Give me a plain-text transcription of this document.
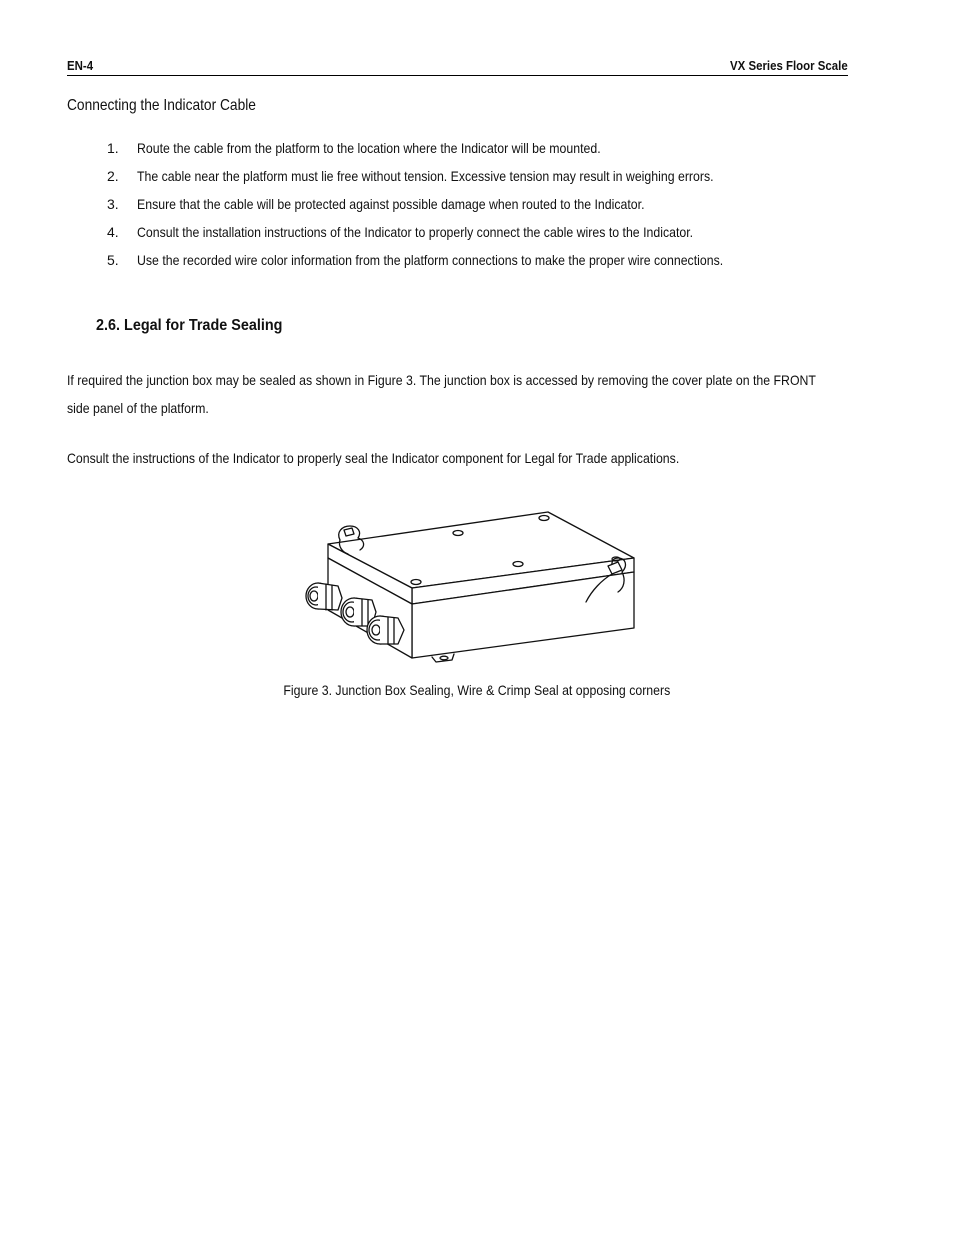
EN-4	VX Series Floor Scale
Connecting the Indicator Cable
1. Route the cable from the platform to the location where the Indicator will be mounted.
2. The cable near the platform must lie free without tension. Excessive tension may result in weighing errors.
3. Ensure that the cable will be protected against possible damage when routed to the Indicator.
4. Consult the installation instructions of the Indicator to properly connect the cable wires to the Indicator.
5. Use the recorded wire color information from the platform connections to make the proper wire connections.
2.6. Legal for Trade Sealing

If required the junction box may be sealed as shown in Figure 3. The junction box is accessed by removing the cover plate on the FRONT side panel of the platform.

Consult the instructions of the Indicator to properly seal the Indicator component for Legal for Trade applications.

Figure 3. Junction Box Sealing, Wire & Crimp Seal at opposing corners
